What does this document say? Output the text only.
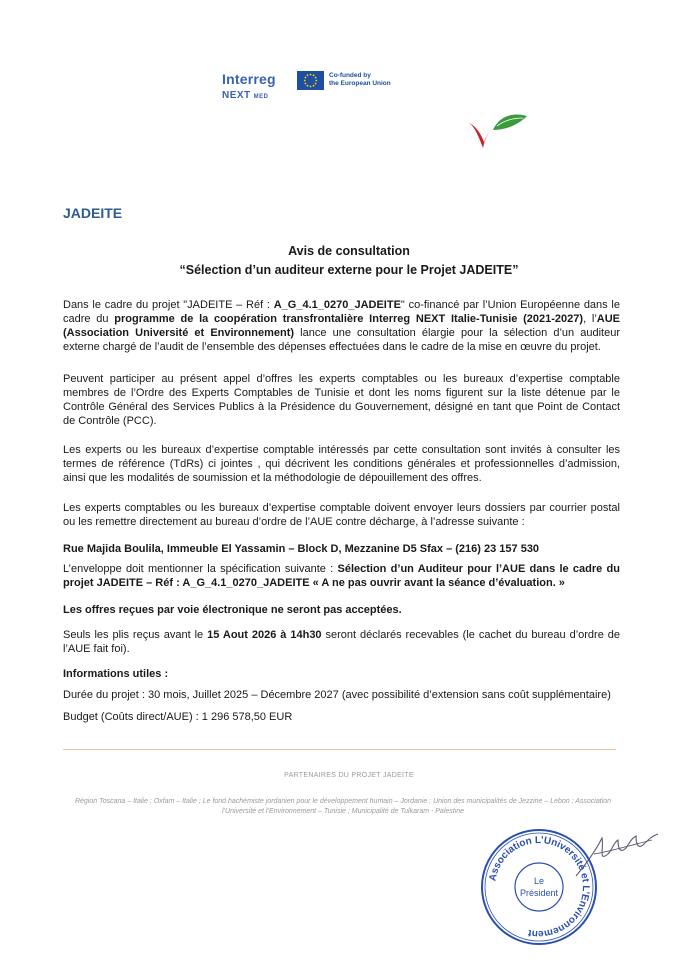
Interreg
NEXT MED
Co-funded by
the European Union
JADEITE
Avis de consultation
“Sélection d’un auditeur externe pour le Projet JADEITE”
Dans le cadre du projet "JADEITE – Réf : A_G_4.1_0270_JADEITE" co-financé par l’Union Européenne dans le cadre du programme de la coopération transfrontalière Interreg NEXT Italie-Tunisie (2021-2027), l’AUE (Association Université et Environnement) lance une consultation élargie pour la sélection d’un auditeur externe chargé de l’audit de l’ensemble des dépenses effectuées dans le cadre de la mise en œuvre du projet.
Peuvent participer au présent appel d’offres les experts comptables ou les bureaux d’expertise comptable membres de l’Ordre des Experts Comptables de Tunisie et dont les noms figurent sur la liste détenue par le Contrôle Général des Services Publics à la Présidence du Gouvernement, désigné en tant que Point de Contact de Contrôle (PCC).
Les experts ou les bureaux d’expertise comptable intéressés par cette consultation sont invités à consulter les termes de référence (TdRs) ci jointes , qui décrivent les conditions générales et professionnelles d’admission, ainsi que les modalités de soumission et la méthodologie de dépouillement des offres.
Les experts comptables ou les bureaux d’expertise comptable doivent envoyer leurs dossiers par courrier postal ou les remettre directement au bureau d’ordre de l’AUE contre décharge, à l’adresse suivante :
Rue Majida Boulila, Immeuble El Yassamin – Block D, Mezzanine D5 Sfax – (216) 23 157 530
L’enveloppe doit mentionner la spécification suivante : Sélection d’un Auditeur pour l’AUE dans le cadre du projet JADEITE – Réf : A_G_4.1_0270_JADEITE « A ne pas ouvrir avant la séance d’évaluation. »
Les offres reçues par voie électronique ne seront pas acceptées.
Seuls les plis reçus avant le 15 Aout 2026 à 14h30 seront déclarés recevables (le cachet du bureau d’ordre de l’AUE fait foi).
Informations utiles :
Durée du projet : 30 mois, Juillet 2025 – Décembre 2027 (avec possibilité d’extension sans coût supplémentaire)
Budget (Coûts direct/AUE) : 1 296 578,50 EUR
PARTENAIRES DU PROJET JADEITE
Région Toscana – Italie ; Oxfam – Italie ; Le fond hachémiste jordanien pour le développement humain – Jordanie ; Union des municipalités de Jezzine – Lebon ; Association l’Université et l’Environnement – Tunisie ; Municipalité de Tulkaram - Palestine
Association L’Université et L’Environnement
Le
Président
